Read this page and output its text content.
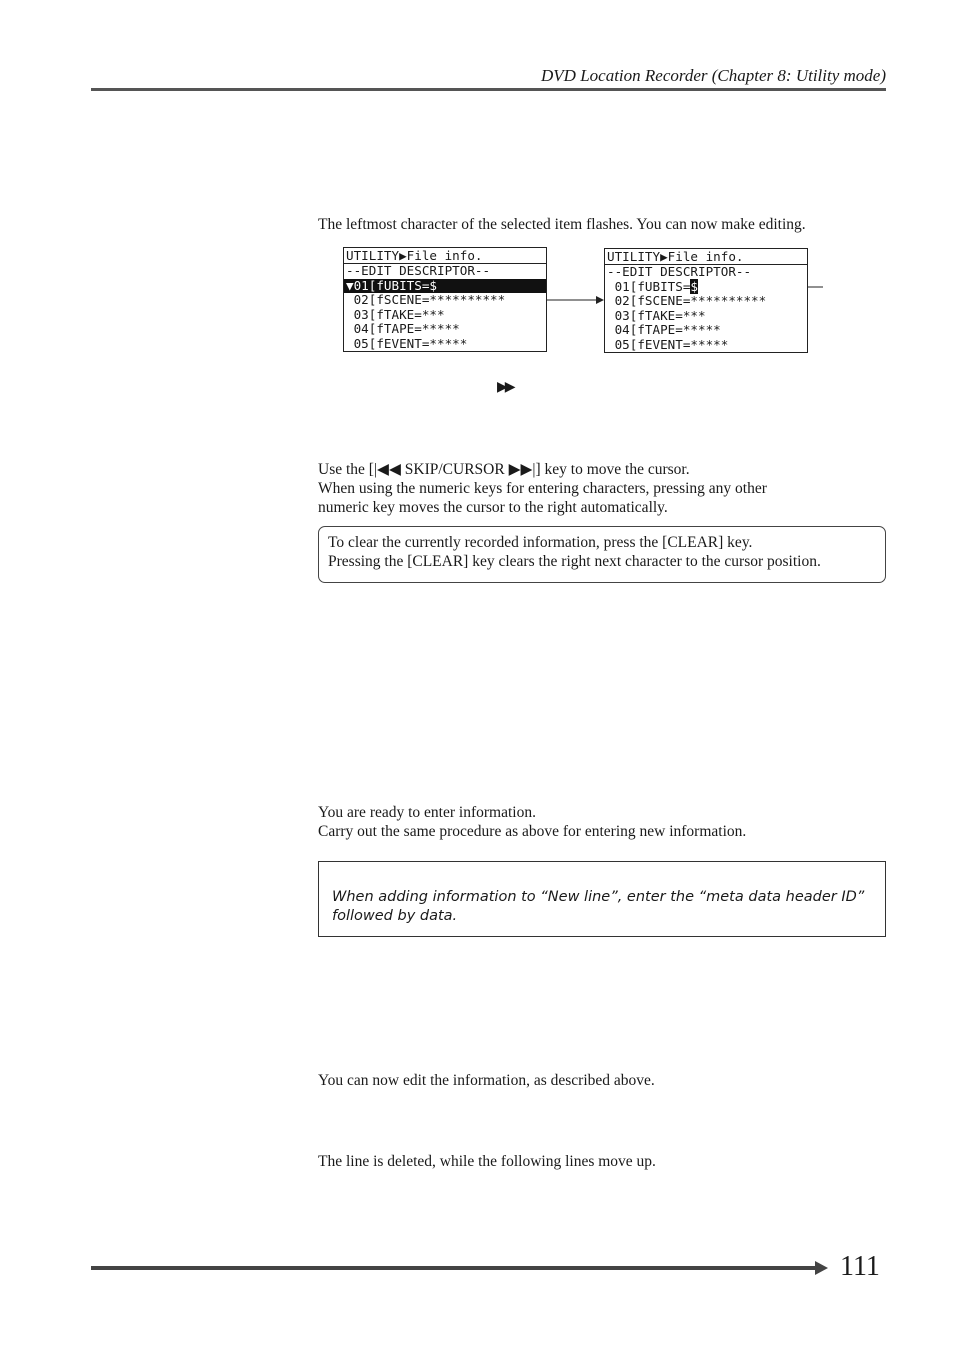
DVD Location Recorder (Chapter 8: Utility mode)

The leftmost character of the selected item flashes. You can now make editing.

UTILITY▶File info.
--EDIT DESCRIPTOR--
▼01[fUBITS=$
02[fSCENE=**********
03[fTAKE=***
04[fTAPE=*****
05[fEVENT=*****
UTILITY▶File info.
--EDIT DESCRIPTOR--
01[fUBITS=$
02[fSCENE=**********
03[fTAKE=***
04[fTAPE=*****
05[fEVENT=*****
▶▶

Use the [|◀◀ SKIP/CURSOR ▶▶|] key to move the cursor.

When using the numeric keys for entering characters, pressing any other

numeric key moves the cursor to the right automatically.

To clear the currently recorded information, press the [CLEAR] key.

Pressing the [CLEAR] key clears the right next character to the cursor position.

You are ready to enter information.

Carry out the same procedure as above for entering new information.

When adding information to “New line”, enter the “meta data header ID”

followed by data.

You can now edit the information, as described above.

The line is deleted, while the following lines move up.

111
